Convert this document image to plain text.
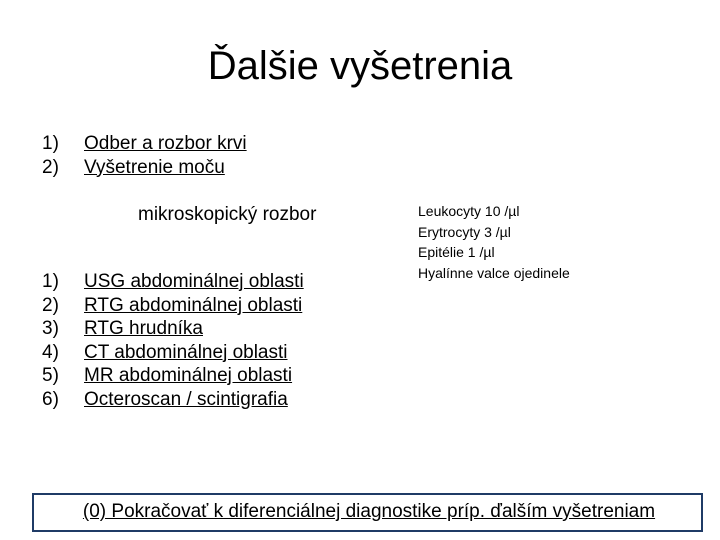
Ďalšie vyšetrenia
1) Odber a rozbor krvi
2) Vyšetrenie moču
mikroskopický rozbor	Leukocyty 10 /µl
Erytrocyty 3 /µl
Epitélie 1 /µl
Hyalínne valce ojedinele
1) USG abdominálnej oblasti
2) RTG abdominálnej oblasti
3) RTG hrudníka
4) CT abdominálnej oblasti
5) MR abdominálnej oblasti
6) Octeroscan / scintigrafia
(0) Pokračovať k diferenciálnej diagnostike príp. ďalším vyšetreniam
